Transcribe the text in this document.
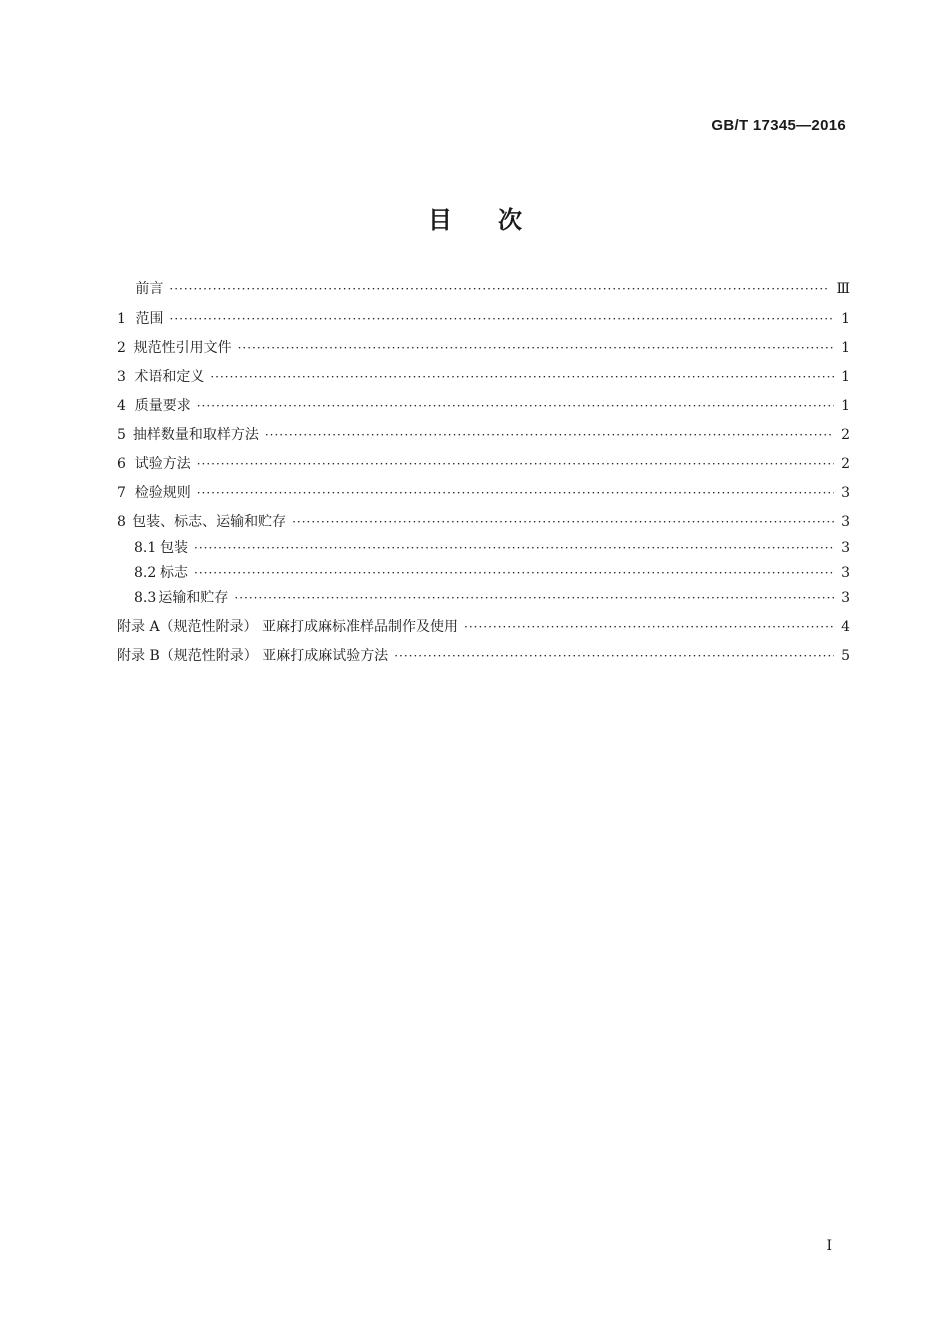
GB/T 17345—2016
目次
前言 ·····	Ⅲ
1 范围 ·····	1
2 规范性引用文件 ·····	1
3 术语和定义 ·····	1
4 质量要求 ·····	1
5 抽样数量和取样方法 ·····	2
6 试验方法 ·····	2
7 检验规则 ·····	3
8 包装、标志、运输和贮存 ·····	3
8.1 包装 ·····	3
8.2 标志 ·····	3
8.3 运输和贮存 ·····	3
附录 A（规范性附录） 亚麻打成麻标准样品制作及使用 ·····	4
附录 B（规范性附录） 亚麻打成麻试验方法 ·····	5
I
